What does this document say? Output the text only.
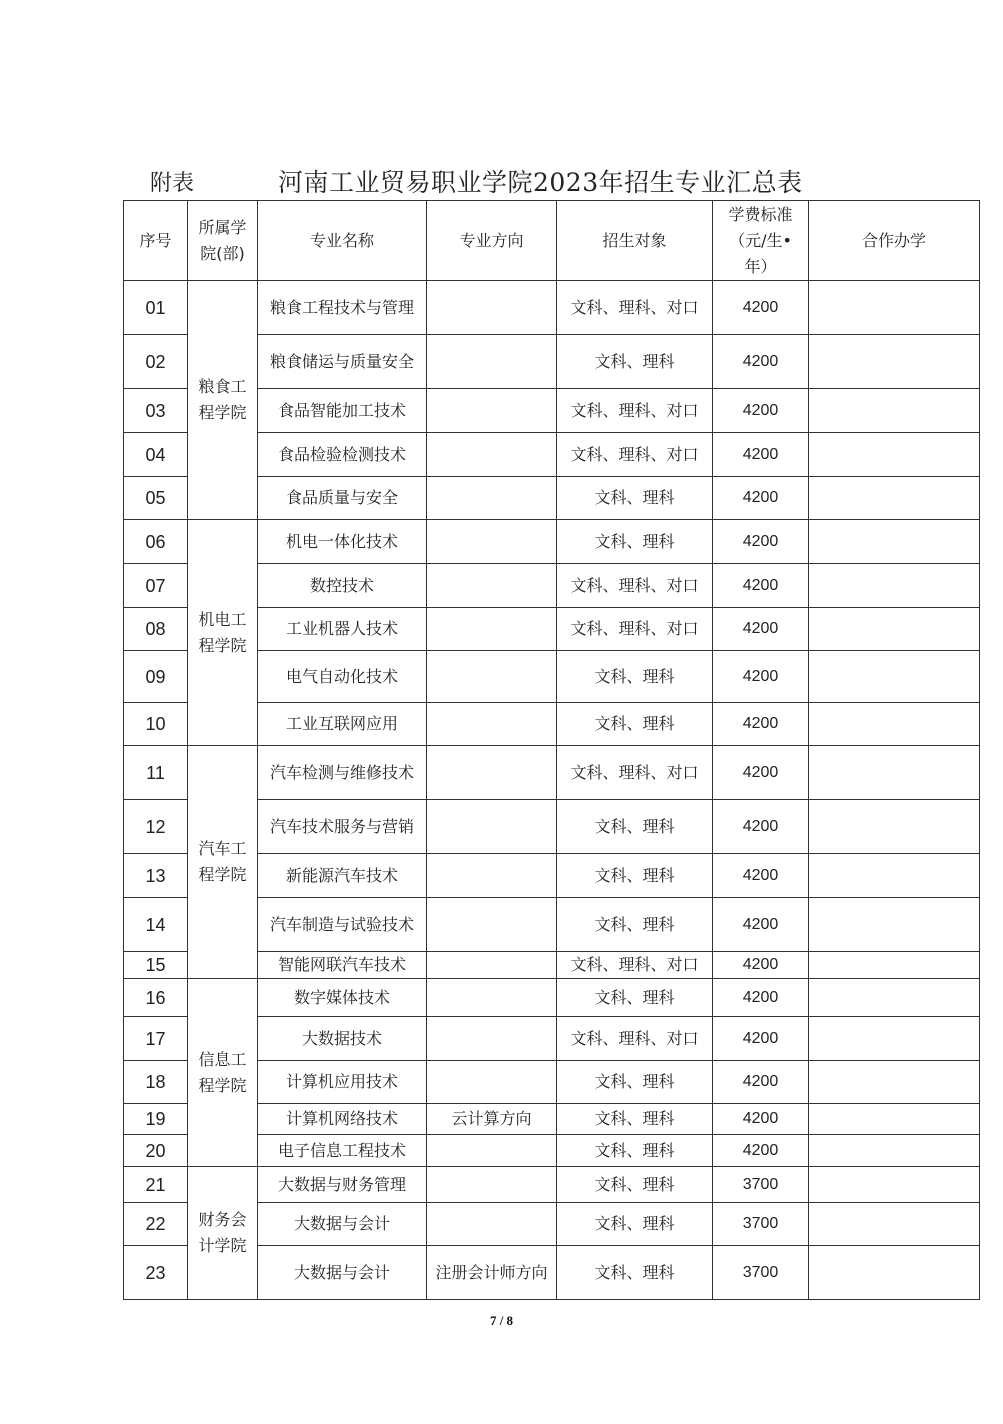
附表	河南工业贸易职业学院2023年招生专业汇总表
序号	所属学院(部)	专业名称	专业方向	招生对象	学费标准（元/生•年）	合作办学
01	粮食工程学院	粮食工程技术与管理		文科、理科、对口	4200	
02		粮食储运与质量安全		文科、理科	4200	
03		食品智能加工技术		文科、理科、对口	4200	
04		食品检验检测技术		文科、理科、对口	4200	
05		食品质量与安全		文科、理科	4200	
06	机电工程学院	机电一体化技术		文科、理科	4200	
07		数控技术		文科、理科、对口	4200	
08		工业机器人技术		文科、理科、对口	4200	
09		电气自动化技术		文科、理科	4200	
10		工业互联网应用		文科、理科	4200	
11	汽车工程学院	汽车检测与维修技术		文科、理科、对口	4200	
12		汽车技术服务与营销		文科、理科	4200	
13		新能源汽车技术		文科、理科	4200	
14		汽车制造与试验技术		文科、理科	4200	
15		智能网联汽车技术		文科、理科、对口	4200	
16	信息工程学院	数字媒体技术		文科、理科	4200	
17		大数据技术		文科、理科、对口	4200	
18		计算机应用技术		文科、理科	4200	
19		计算机网络技术	云计算方向	文科、理科	4200	
20		电子信息工程技术		文科、理科	4200	
21	财务会计学院	大数据与财务管理		文科、理科	3700	
22		大数据与会计		文科、理科	3700	
23		大数据与会计	注册会计师方向	文科、理科	3700	
7 / 8
